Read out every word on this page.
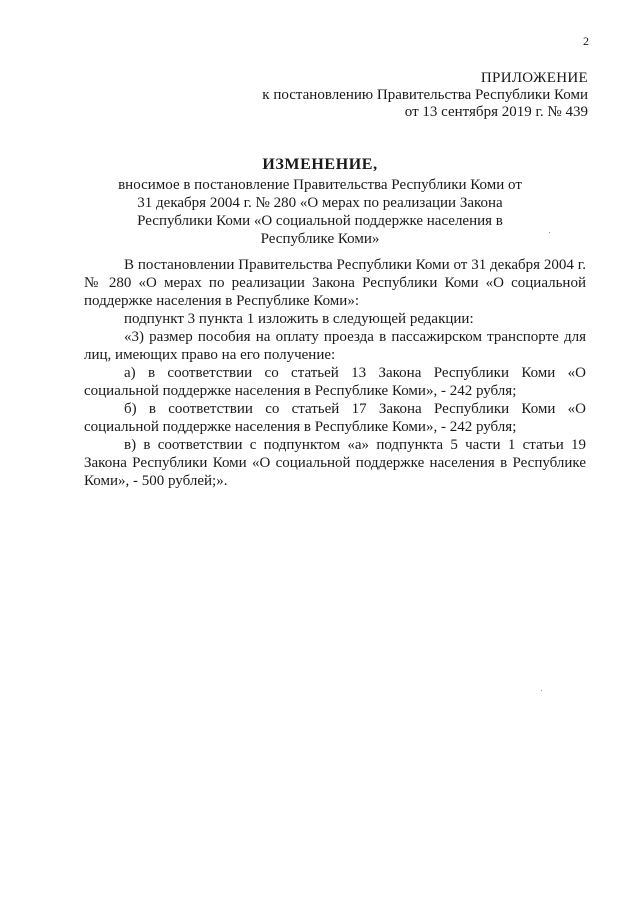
2
ПРИЛОЖЕНИЕ
к постановлению Правительства Республики Коми
от 13 сентября 2019 г. № 439
ИЗМЕНЕНИЕ,
вносимое в постановление Правительства Республики Коми от 31 декабря 2004 г. № 280 «О мерах по реализации Закона Республики Коми «О социальной поддержке населения в Республике Коми»

В постановлении Правительства Республики Коми от 31 декабря 2004 г. № 280 «О мерах по реализации Закона Республики Коми «О социальной поддержке населения в Республике Коми»:

подпункт 3 пункта 1 изложить в следующей редакции:

«3) размер пособия на оплату проезда в пассажирском транспорте для лиц, имеющих право на его получение:

а) в соответствии со статьей 13 Закона Республики Коми «О социальной поддержке населения в Республике Коми», - 242 рубля;

б) в соответствии со статьей 17 Закона Республики Коми «О социальной поддержке населения в Республике Коми», - 242 рубля;

в) в соответствии с подпунктом «а» подпункта 5 части 1 статьи 19 Закона Республики Коми «О социальной поддержке населения в Республике Коми», - 500 рублей;».
